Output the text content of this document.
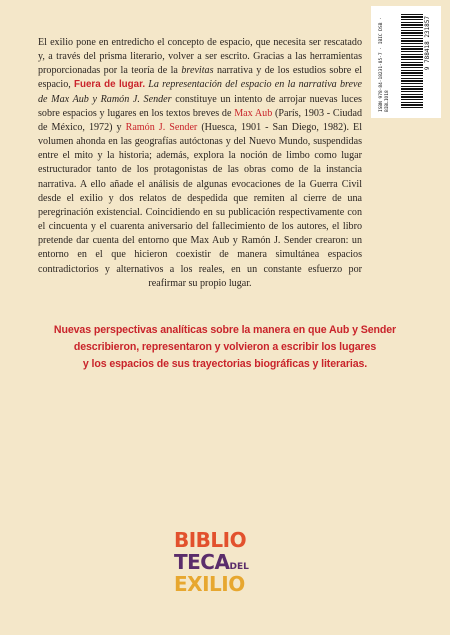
ISBN 978-84-18231-85-7 · IBIC DSB · BIBLIO18
9 788418 231857

El exilio pone en entredicho el concepto de espacio, que necesita ser rescatado y, a través del prisma literario, volver a ser escrito. Gracias a las herramientas proporcionadas por la teoría de la brevitas narrativa y de los estudios sobre el espacio, Fuera de lugar. La representación del espacio en la narrativa breve de Max Aub y Ramón J. Sender constituye un intento de arrojar nuevas luces sobre espacios y lugares en los textos breves de Max Aub (París, 1903 - Ciudad de México, 1972) y Ramón J. Sender (Huesca, 1901 - San Diego, 1982). El volumen ahonda en las geografías autóctonas y del Nuevo Mundo, suspendidas entre el mito y la historia; además, explora la noción de limbo como lugar estructurador tanto de los protagonistas de las obras como de la instancia narrativa. A ello añade el análisis de algunas evocaciones de la Guerra Civil desde el exilio y dos relatos de despedida que remiten al cierre de una peregrinación existencial. Coincidiendo en su publicación respectivamente con el cincuenta y el cuarenta aniversario del fallecimiento de los autores, el libro pretende dar cuenta del entorno que Max Aub y Ramón J. Sender crearon: un entorno en el que hicieron coexistir de manera simultánea espacios contradictorios y alternativos a los reales, en un constante esfuerzo por reafirmar su propio lugar.

Nuevas perspectivas analíticas sobre la manera en que Aub y Sender
describieron, representaron y volvieron a escribir los lugares
y los espacios de sus trayectorias biográficas y literarias.
BIBLIO
TECADEL
EXILIO
